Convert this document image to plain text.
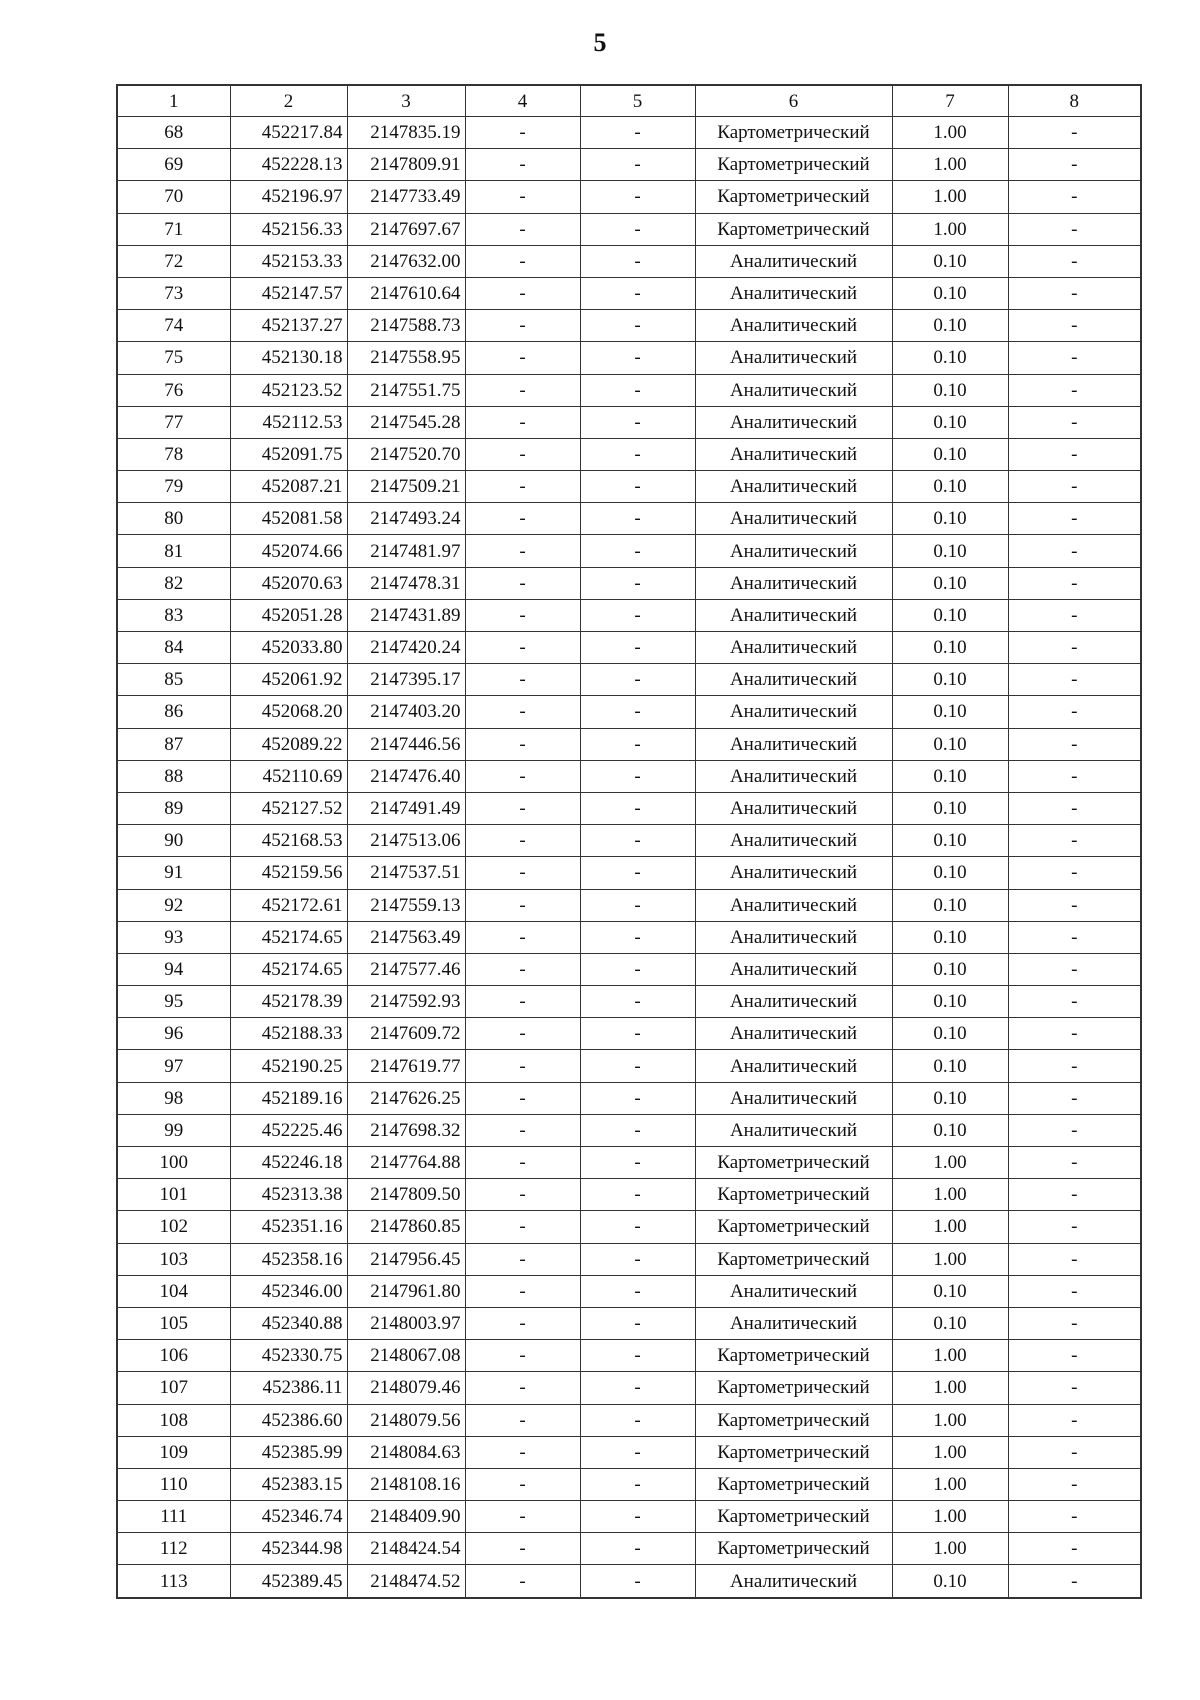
5
1	2	3	4	5	6	7	8
68	452217.84	2147835.19	-	-	Картометрический	1.00	-
69	452228.13	2147809.91	-	-	Картометрический	1.00	-
70	452196.97	2147733.49	-	-	Картометрический	1.00	-
71	452156.33	2147697.67	-	-	Картометрический	1.00	-
72	452153.33	2147632.00	-	-	Аналитический	0.10	-
73	452147.57	2147610.64	-	-	Аналитический	0.10	-
74	452137.27	2147588.73	-	-	Аналитический	0.10	-
75	452130.18	2147558.95	-	-	Аналитический	0.10	-
76	452123.52	2147551.75	-	-	Аналитический	0.10	-
77	452112.53	2147545.28	-	-	Аналитический	0.10	-
78	452091.75	2147520.70	-	-	Аналитический	0.10	-
79	452087.21	2147509.21	-	-	Аналитический	0.10	-
80	452081.58	2147493.24	-	-	Аналитический	0.10	-
81	452074.66	2147481.97	-	-	Аналитический	0.10	-
82	452070.63	2147478.31	-	-	Аналитический	0.10	-
83	452051.28	2147431.89	-	-	Аналитический	0.10	-
84	452033.80	2147420.24	-	-	Аналитический	0.10	-
85	452061.92	2147395.17	-	-	Аналитический	0.10	-
86	452068.20	2147403.20	-	-	Аналитический	0.10	-
87	452089.22	2147446.56	-	-	Аналитический	0.10	-
88	452110.69	2147476.40	-	-	Аналитический	0.10	-
89	452127.52	2147491.49	-	-	Аналитический	0.10	-
90	452168.53	2147513.06	-	-	Аналитический	0.10	-
91	452159.56	2147537.51	-	-	Аналитический	0.10	-
92	452172.61	2147559.13	-	-	Аналитический	0.10	-
93	452174.65	2147563.49	-	-	Аналитический	0.10	-
94	452174.65	2147577.46	-	-	Аналитический	0.10	-
95	452178.39	2147592.93	-	-	Аналитический	0.10	-
96	452188.33	2147609.72	-	-	Аналитический	0.10	-
97	452190.25	2147619.77	-	-	Аналитический	0.10	-
98	452189.16	2147626.25	-	-	Аналитический	0.10	-
99	452225.46	2147698.32	-	-	Аналитический	0.10	-
100	452246.18	2147764.88	-	-	Картометрический	1.00	-
101	452313.38	2147809.50	-	-	Картометрический	1.00	-
102	452351.16	2147860.85	-	-	Картометрический	1.00	-
103	452358.16	2147956.45	-	-	Картометрический	1.00	-
104	452346.00	2147961.80	-	-	Аналитический	0.10	-
105	452340.88	2148003.97	-	-	Аналитический	0.10	-
106	452330.75	2148067.08	-	-	Картометрический	1.00	-
107	452386.11	2148079.46	-	-	Картометрический	1.00	-
108	452386.60	2148079.56	-	-	Картометрический	1.00	-
109	452385.99	2148084.63	-	-	Картометрический	1.00	-
110	452383.15	2148108.16	-	-	Картометрический	1.00	-
111	452346.74	2148409.90	-	-	Картометрический	1.00	-
112	452344.98	2148424.54	-	-	Картометрический	1.00	-
113	452389.45	2148474.52	-	-	Аналитический	0.10	-
